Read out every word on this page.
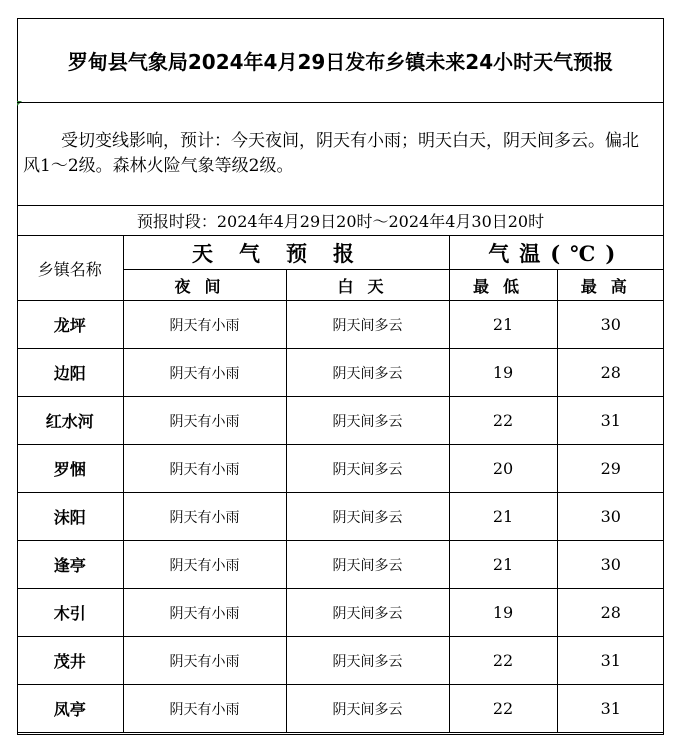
罗甸县气象局2024年4月29日发布乡镇未来24小时天气预报
受切变线影响，预计：今天夜间，阴天有小雨；明天白天，阴天间多云。偏北风1～2级。森林火险气象等级2级。
预报时段：2024年4月29日20时～2024年4月30日20时
乡镇名称	天气预报		气温(℃)	
	夜间	白天	最低	最高
龙坪	阴天有小雨	阴天间多云	21	30
边阳	阴天有小雨	阴天间多云	19	28
红水河	阴天有小雨	阴天间多云	22	31
罗悃	阴天有小雨	阴天间多云	20	29
沫阳	阴天有小雨	阴天间多云	21	30
逢亭	阴天有小雨	阴天间多云	21	30
木引	阴天有小雨	阴天间多云	19	28
茂井	阴天有小雨	阴天间多云	22	31
凤亭	阴天有小雨	阴天间多云	22	31
